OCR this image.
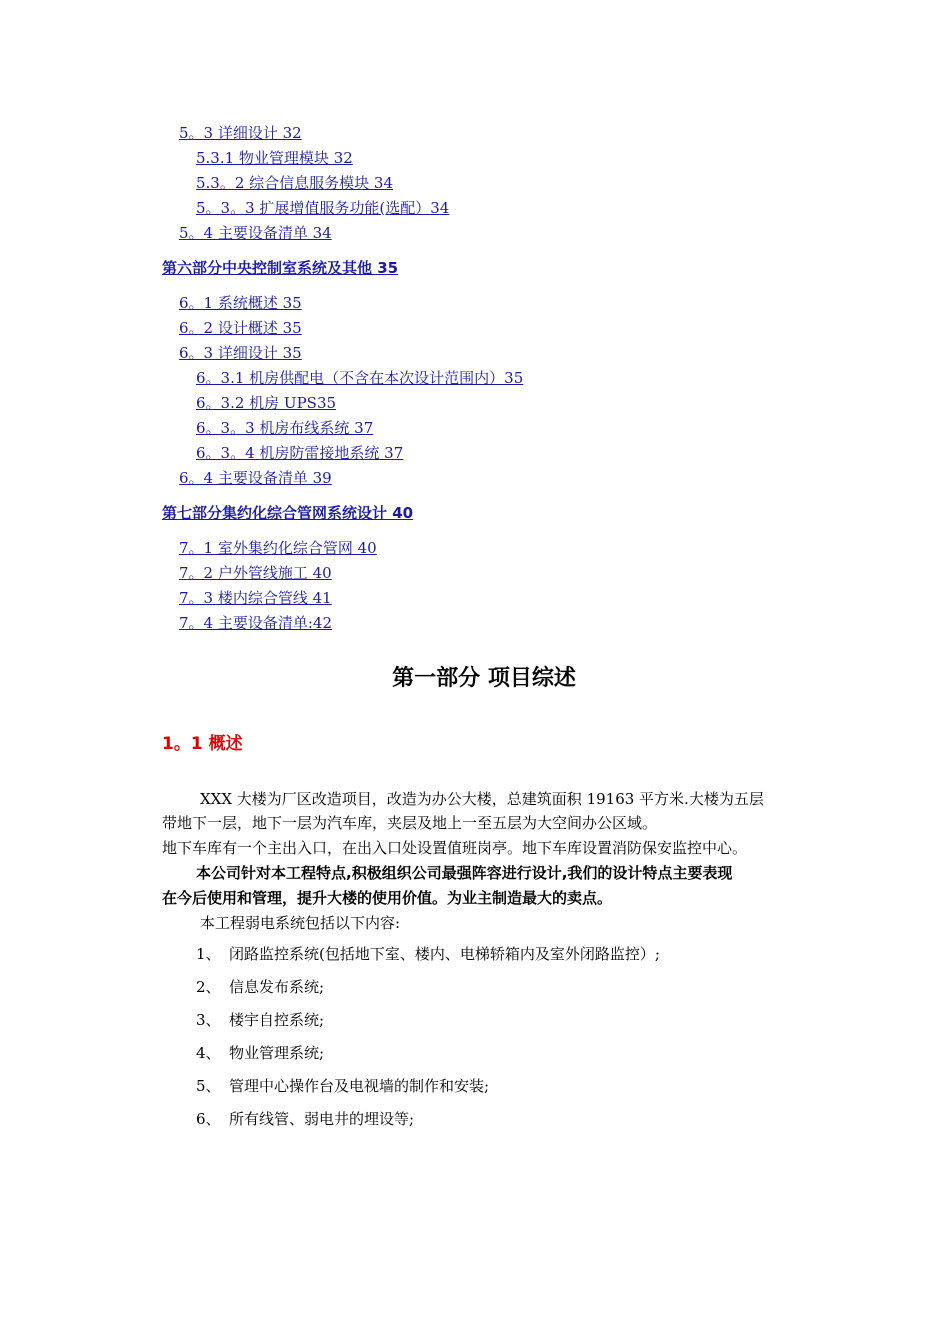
5。3 详细设计 32
5.3.1 物业管理模块 32
5.3。2 综合信息服务模块 34
5。3。3 扩展增值服务功能(选配）34
5。4 主要设备清单 34
第六部分中央控制室系统及其他 35
6。1 系统概述 35
6。2 设计概述 35
6。3 详细设计 35
6。3.1 机房供配电（不含在本次设计范围内）35
6。3.2 机房 UPS35
6。3。3 机房布线系统 37
6。3。4 机房防雷接地系统 37
6。4 主要设备清单 39
第七部分集约化综合管网系统设计 40
7。1 室外集约化综合管网 40
7。2 户外管线施工 40
7。3 楼内综合管线 41
7。4 主要设备清单:42
第一部分 项目综述
1。1 概述
XXX 大楼为厂区改造项目，改造为办公大楼，总建筑面积 19163 平方米.大楼为五层
带地下一层，地下一层为汽车库，夹层及地上一至五层为大空间办公区域。
地下车库有一个主出入口，在出入口处设置值班岗亭。地下车库设置消防保安监控中心。
本公司针对本工程特点,积极组织公司最强阵容进行设计,我们的设计特点主要表现
在今后使用和管理，提升大楼的使用价值。为业主制造最大的卖点。
本工程弱电系统包括以下内容:
1、 闭路监控系统(包括地下室、楼内、电梯轿箱内及室外闭路监控）;
2、 信息发布系统;
3、 楼宇自控系统;
4、 物业管理系统;
5、 管理中心操作台及电视墙的制作和安装;
6、 所有线管、弱电井的埋设等;
